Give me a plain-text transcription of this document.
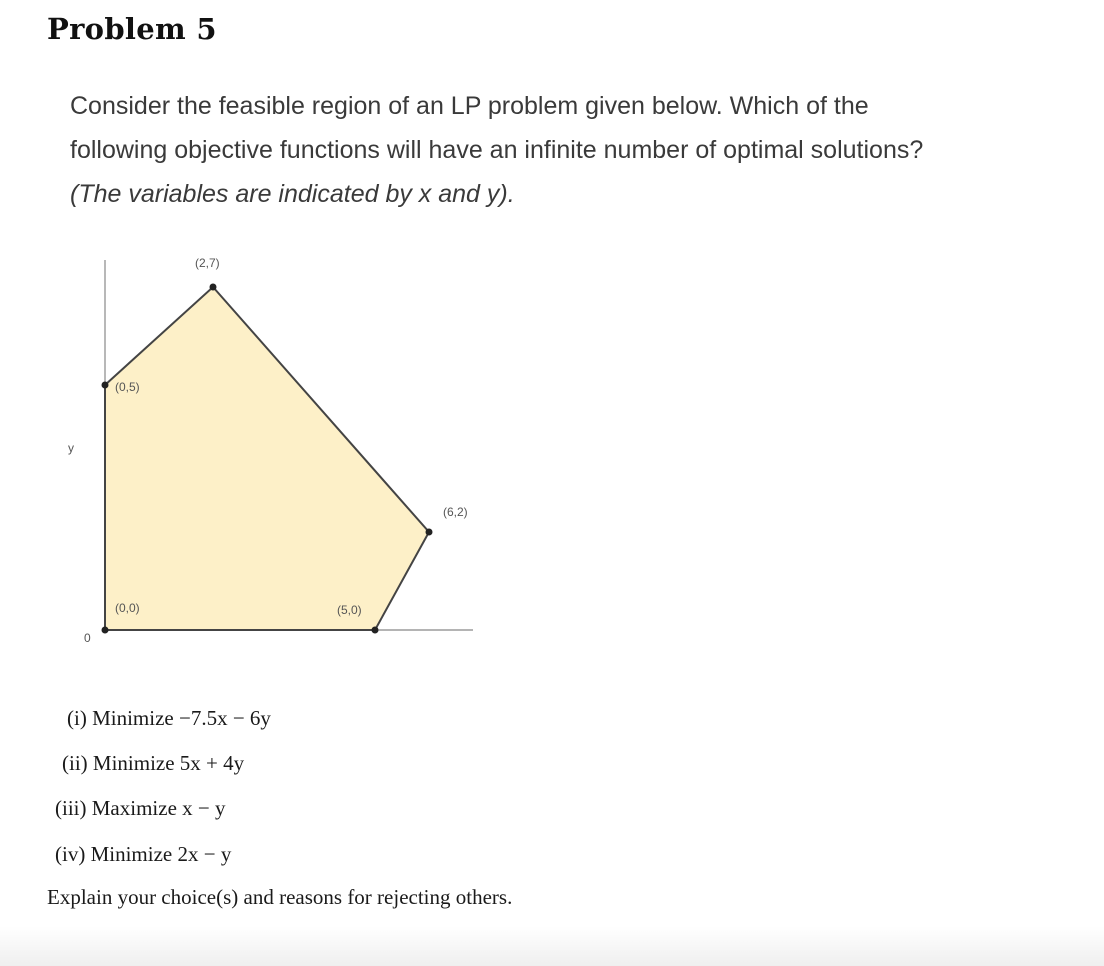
Problem 5
Consider the feasible region of an LP problem given below. Which of the
following objective functions will have an infinite number of optimal solutions?
(The variables are indicated by x and y).
y
0
(0,0)	(5,0)
(6,2)
(2,7)
(0,5)
(i) Minimize −7.5x − 6y
(ii) Minimize 5x + 4y
(iii) Maximize x − y
(iv) Minimize 2x − y
Explain your choice(s) and reasons for rejecting others.
